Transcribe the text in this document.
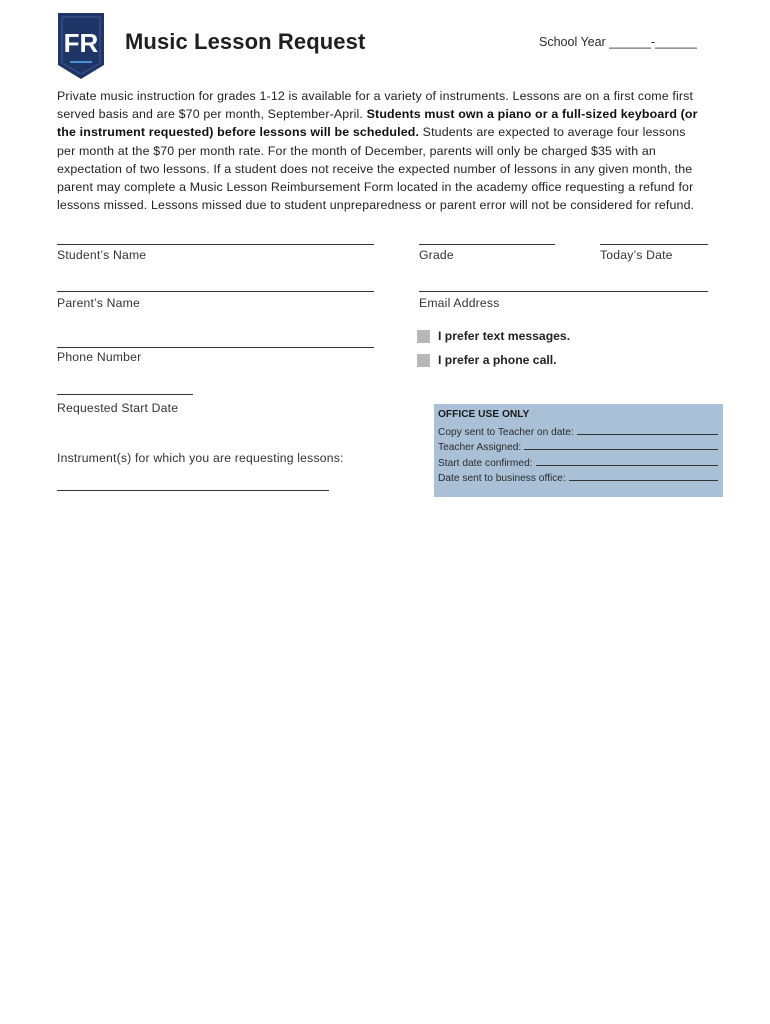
FR Music Lesson Request	School Year ______-______
Private music instruction for grades 1-12 is available for a variety of instruments. Lessons are on a first come first served basis and are $70 per month, September-April. Students must own a piano or a full-sized keyboard (or the instrument requested) before lessons will be scheduled. Students are expected to average four lessons per month at the $70 per month rate. For the month of December, parents will only be charged $35 with an expectation of two lessons. If a student does not receive the expected number of lessons in any given month, the parent may complete a Music Lesson Reimbursement Form located in the academy office requesting a refund for lessons missed. Lessons missed due to student unpreparedness or parent error will not be considered for refund.
Student’s Name	Grade	Today’s Date
Parent’s Name	Email Address
I prefer text messages.
I prefer a phone call.
Phone Number
Requested Start Date
Instrument(s) for which you are requesting lessons:
OFFICE USE ONLY
Copy sent to Teacher on date:
Teacher Assigned:
Start date confirmed:
Date sent to business office:
